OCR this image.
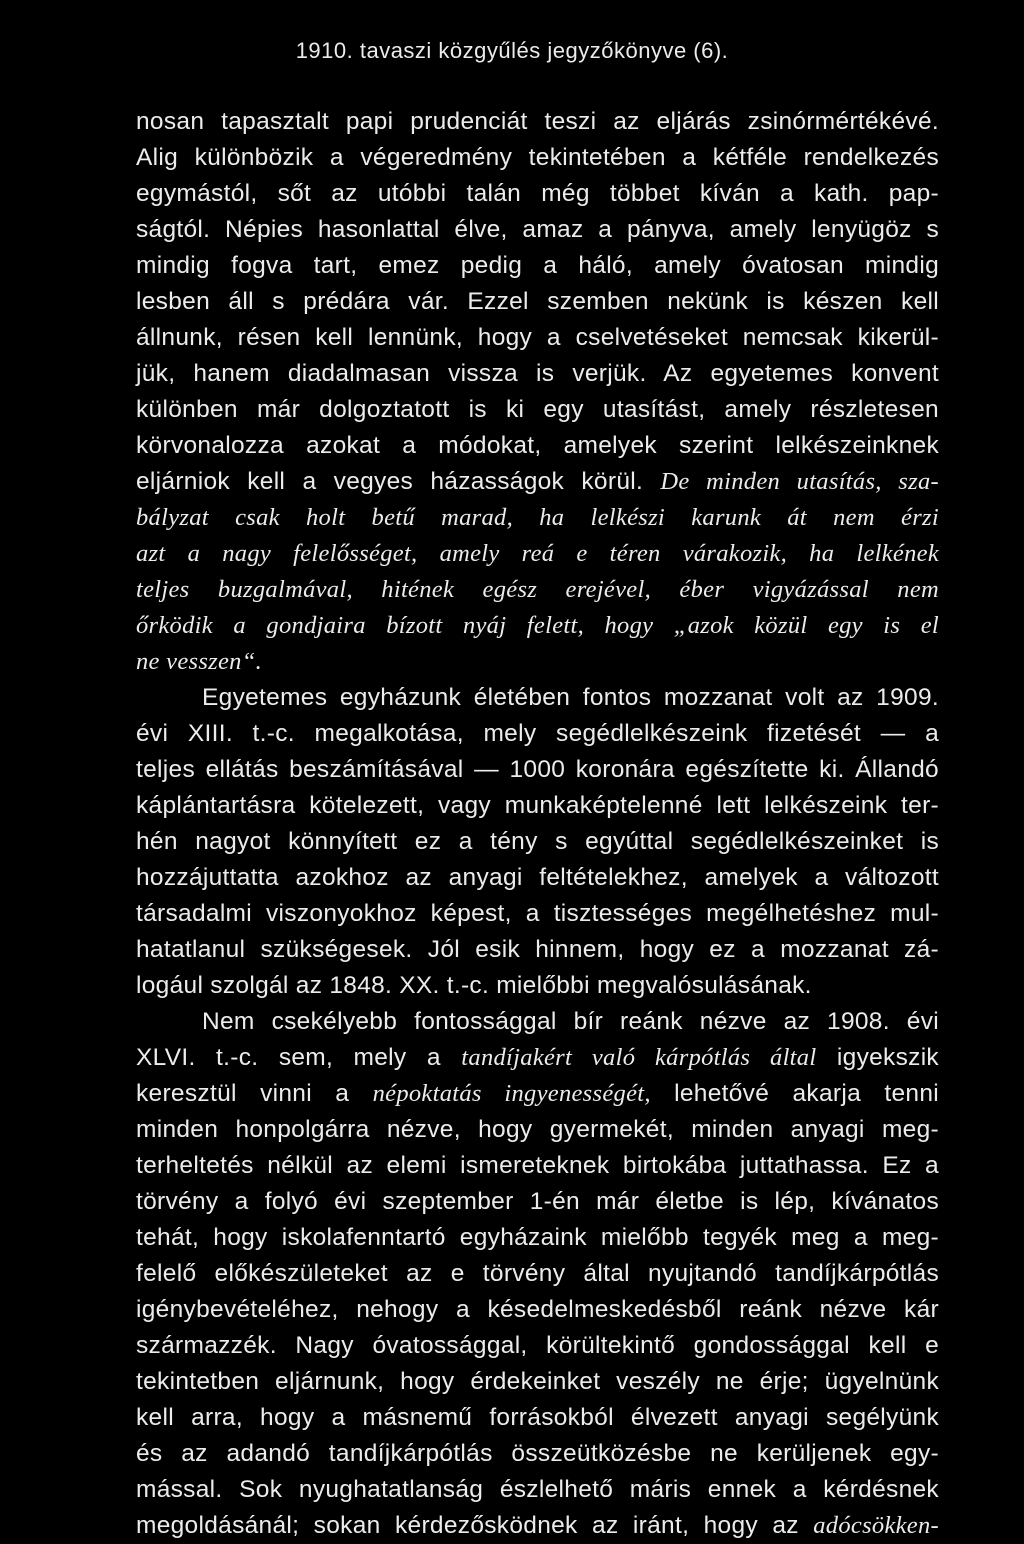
1910. tavaszi közgyűlés jegyzőkönyve (6).
nosan tapasztalt papi prudenciát teszi az eljárás zsinórmértékévé.
Alig különbözik a végeredmény tekintetében a kétféle rendelkezés
egymástól, sőt az utóbbi talán még többet kíván a kath. pap-
ságtól. Népies hasonlattal élve, amaz a pányva, amely lenyügöz s
mindig fogva tart, emez pedig a háló, amely óvatosan mindig
lesben áll s prédára vár. Ezzel szemben nekünk is készen kell
állnunk, résen kell lennünk, hogy a cselvetéseket nemcsak kikerül-
jük, hanem diadalmasan vissza is verjük. Az egyetemes konvent
különben már dolgoztatott is ki egy utasítást, amely részletesen
körvonalozza azokat a módokat, amelyek szerint lelkészeinknek
eljárniok kell a vegyes házasságok körül. De minden utasítás, sza-
bályzat csak holt betű marad, ha lelkészi karunk át nem érzi
azt a nagy felelősséget, amely reá e téren várakozik, ha lelkének
teljes buzgalmával, hitének egész erejével, éber vigyázással nem
őrködik a gondjaira bízott nyáj felett, hogy „azok közül egy is el
ne vesszen“.
Egyetemes egyházunk életében fontos mozzanat volt az 1909.
évi XIII. t.-c. megalkotása, mely segédlelkészeink fizetését — a
teljes ellátás beszámításával — 1000 koronára egészítette ki. Állandó
káplántartásra kötelezett, vagy munkaképtelenné lett lelkészeink ter-
hén nagyot könnyített ez a tény s egyúttal segédlelkészeinket is
hozzájuttatta azokhoz az anyagi feltételekhez, amelyek a változott
társadalmi viszonyokhoz képest, a tisztességes megélhetéshez mul-
hatatlanul szükségesek. Jól esik hinnem, hogy ez a mozzanat zá-
logául szolgál az 1848. XX. t.-c. mielőbbi megvalósulásának.
Nem csekélyebb fontossággal bír reánk nézve az 1908. évi
XLVI. t.-c. sem, mely a tandíjakért való kárpótlás által igyekszik
keresztül vinni a népoktatás ingyenességét, lehetővé akarja tenni
minden honpolgárra nézve, hogy gyermekét, minden anyagi meg-
terheltetés nélkül az elemi ismereteknek birtokába juttathassa. Ez a
törvény a folyó évi szeptember 1-én már életbe is lép, kívánatos
tehát, hogy iskolafenntartó egyházaink mielőbb tegyék meg a meg-
felelő előkészületeket az e törvény által nyujtandó tandíjkárpótlás
igénybevételéhez, nehogy a késedelmeskedésből reánk nézve kár
származzék. Nagy óvatossággal, körültekintő gondossággal kell e
tekintetben eljárnunk, hogy érdekeinket veszély ne érje; ügyelnünk
kell arra, hogy a másnemű forrásokból élvezett anyagi segélyünk
és az adandó tandíjkárpótlás összeütközésbe ne kerüljenek egy-
mással. Sok nyughatatlanság észlelhető máris ennek a kérdésnek
megoldásánál; sokan kérdezősködnek az iránt, hogy az adócsökken-
